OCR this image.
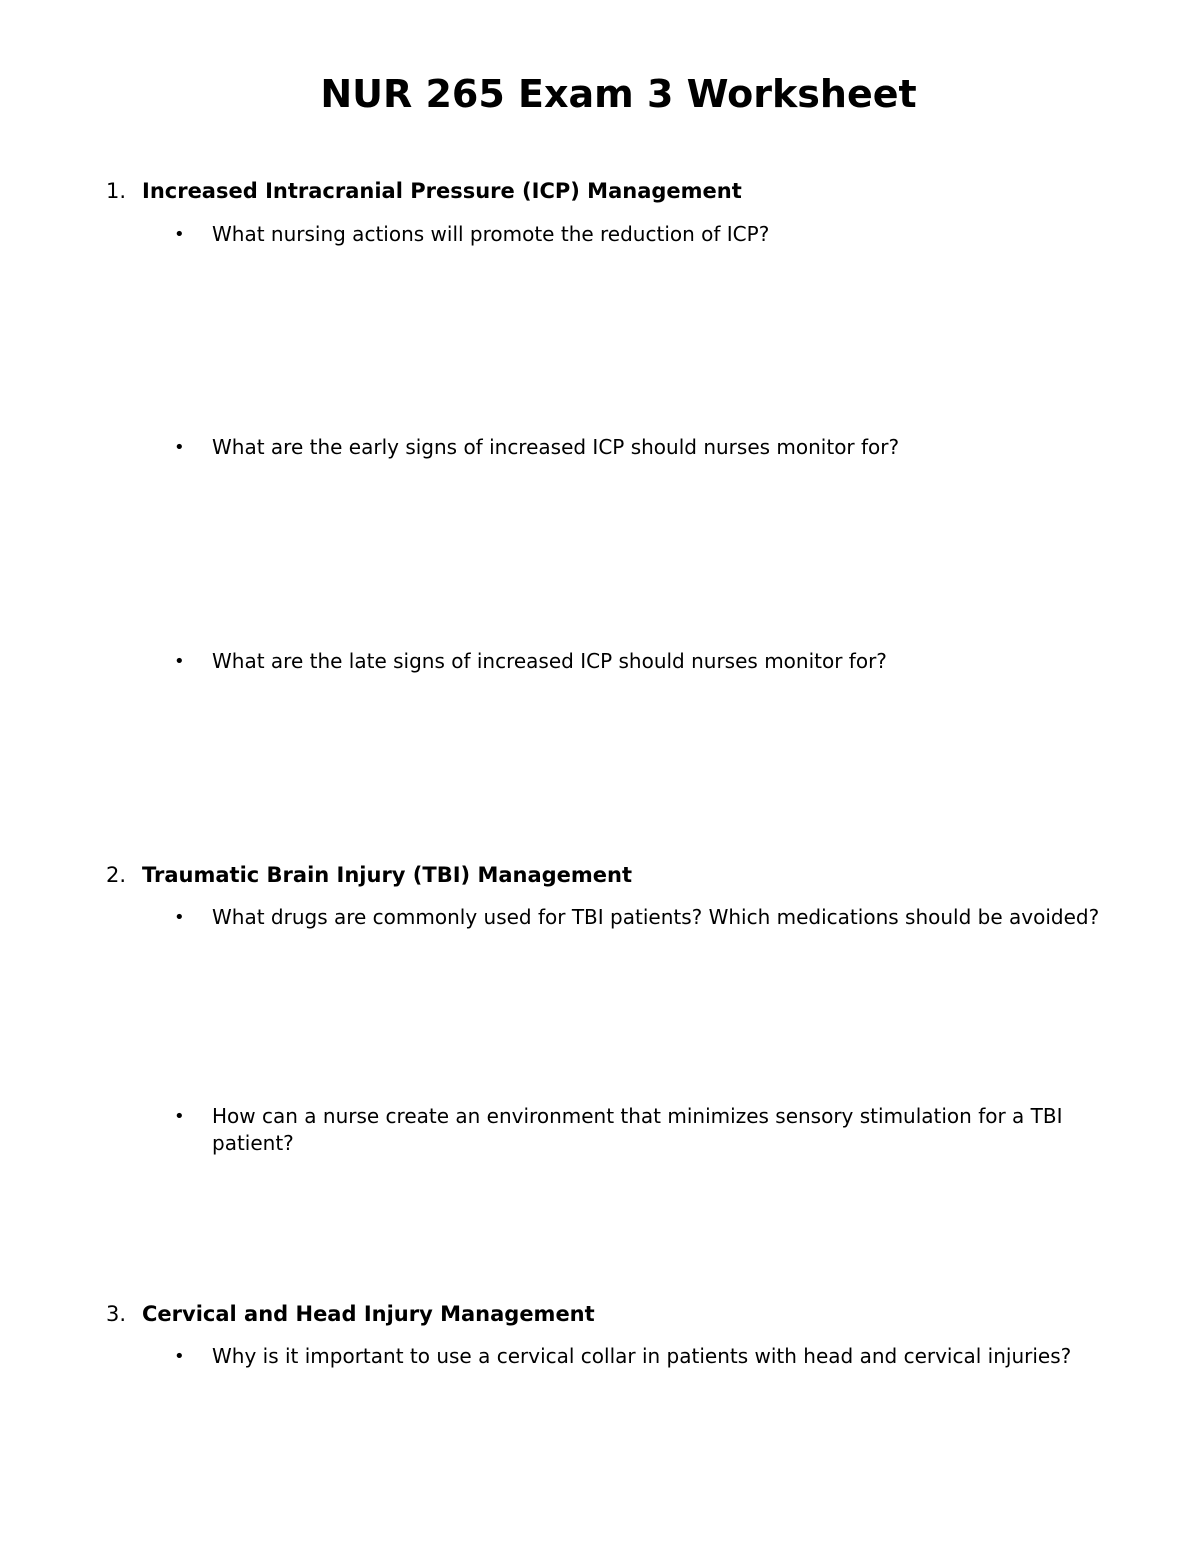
NUR 265 Exam 3 Worksheet
1. Increased Intracranial Pressure (ICP) Management
•	What nursing actions will promote the reduction of ICP?
•	What are the early signs of increased ICP should nurses monitor for?
•	What are the late signs of increased ICP should nurses monitor for?
2. Traumatic Brain Injury (TBI) Management
•	What drugs are commonly used for TBI patients? Which medications should be avoided?
•	How can a nurse create an environment that minimizes sensory stimulation for a TBI patient?
3. Cervical and Head Injury Management
•	Why is it important to use a cervical collar in patients with head and cervical injuries?
